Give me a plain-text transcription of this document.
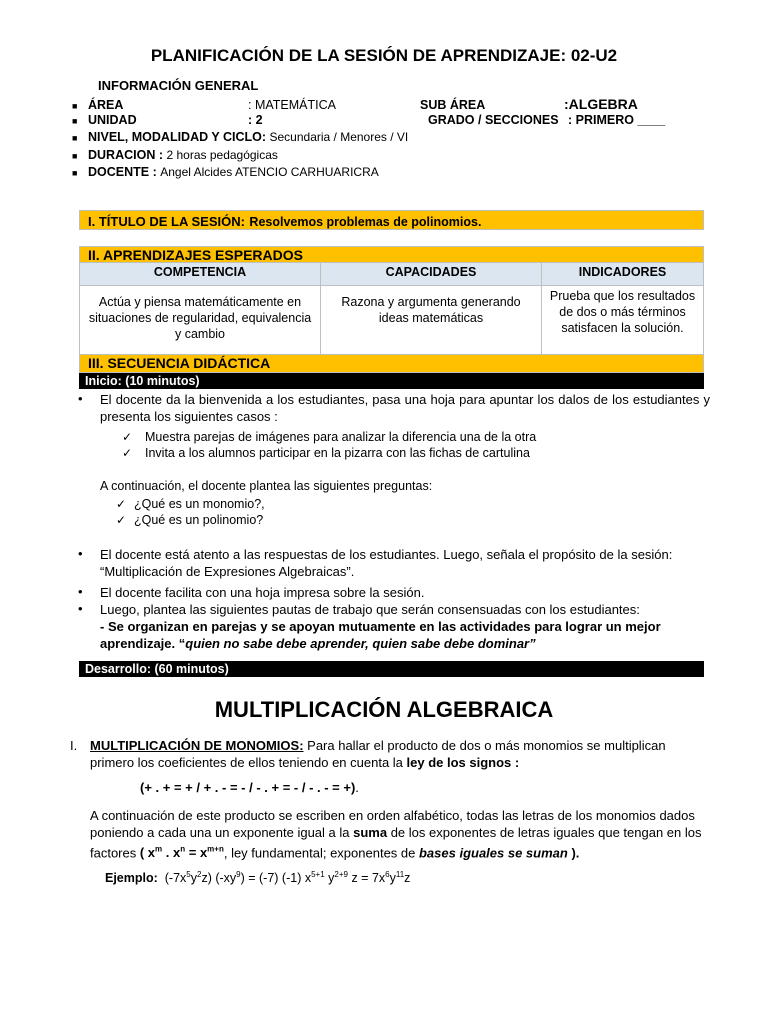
PLANIFICACIÓN DE LA SESIÓN DE APRENDIZAJE: 02-U2
INFORMACIÓN GENERAL
■ ÁREA	: MATEMÁTICA	SUB ÁREA	:ALGEBRA
■ UNIDAD	: 2	GRADO / SECCIONES : PRIMERO ____
■ NIVEL, MODALIDAD Y CICLO: Secundaria / Menores / VI
■ DURACION : 2 horas pedagógicas
■ DOCENTE : Angel Alcides ATENCIO CARHUARICRA
I. TÍTULO DE LA SESIÓN: Resolvemos problemas de polinomios.
II. APRENDIZAJES ESPERADOS
COMPETENCIA	CAPACIDADES	INDICADORES
Actúa y piensa matemáticamente en situaciones de regularidad, equivalencia y cambio	Razona y argumenta generando ideas matemáticas	Prueba que los resultados de dos o más términos satisfacen la solución.
III. SECUENCIA DIDÁCTICA
Inicio: (10 minutos)
• El docente da la bienvenida a los estudiantes, pasa una hoja para apuntar los dalos de los estudiantes y presenta los siguientes casos :
✓ Muestra parejas de imágenes para analizar la diferencia una de la otra
✓ Invita a los alumnos participar en la pizarra con las fichas de cartulina
A continuación, el docente plantea las siguientes preguntas:
✓ ¿Qué es un monomio?,
✓ ¿Qué es un polinomio?
• El docente está atento a las respuestas de los estudiantes. Luego, señala el propósito de la sesión: “Multiplicación de Expresiones Algebraicas”.
• El docente facilita con una hoja impresa sobre la sesión.
• Luego, plantea las siguientes pautas de trabajo que serán consensuadas con los estudiantes:
- Se organizan en parejas y se apoyan mutuamente en las actividades para lograr un mejor aprendizaje. “quien no sabe debe aprender, quien sabe debe dominar”
Desarrollo: (60 minutos)
MULTIPLICACIÓN ALGEBRAICA
I. MULTIPLICACIÓN DE MONOMIOS: Para hallar el producto de dos o más monomios se multiplican primero los coeficientes de ellos teniendo en cuenta la ley de los signos :
(+ . + = + / + . - = - / - . + = - / - . - = +).
A continuación de este producto se escriben en orden alfabético, todas las letras de los monomios dados poniendo a cada una un exponente igual a la suma de los exponentes de letras iguales que tengan en los factores ( $x^m$ . $x^n = x^{m+n}$, ley fundamental; exponentes de bases iguales se suman ).
Ejemplo: $(-7x^5y^2z) (-xy^9) = (-7)$ (-1) $x^{5+1}$ $y^{2+9}$ $z = 7x^6y^{11}z$
